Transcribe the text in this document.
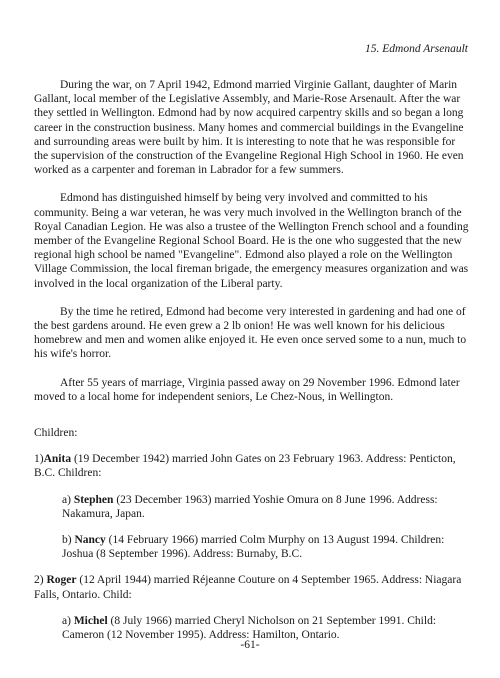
15. Edmond Arsenault

During the war, on 7 April 1942, Edmond married Virginie Gallant, daughter of Marin Gallant, local member of the Legislative Assembly, and Marie-Rose Arsenault. After the war they settled in Wellington. Edmond had by now acquired carpentry skills and so began a long career in the construction business. Many homes and commercial buildings in the Evangeline and surrounding areas were built by him. It is interesting to note that he was responsible for the supervision of the construction of the Evangeline Regional High School in 1960. He even worked as a carpenter and foreman in Labrador for a few summers.

Edmond has distinguished himself by being very involved and committed to his community. Being a war veteran, he was very much involved in the Wellington branch of the Royal Canadian Legion. He was also a trustee of the Wellington French school and a founding member of the Evangeline Regional School Board. He is the one who suggested that the new regional high school be named "Evangeline". Edmond also played a role on the Wellington Village Commission, the local fireman brigade, the emergency measures organization and was involved in the local organization of the Liberal party.

By the time he retired, Edmond had become very interested in gardening and had one of the best gardens around. He even grew a 2 lb onion! He was well known for his delicious homebrew and men and women alike enjoyed it. He even once served some to a nun, much to his wife's horror.

After 55 years of marriage, Virginia passed away on 29 November 1996. Edmond later moved to a local home for independent seniors, Le Chez-Nous, in Wellington.

Children:

1)Anita (19 December 1942) married John Gates on 23 February 1963. Address: Penticton, B.C. Children:

a) Stephen (23 December 1963) married Yoshie Omura on 8 June 1996. Address: Nakamura, Japan.

b) Nancy (14 February 1966) married Colm Murphy on 13 August 1994. Children: Joshua (8 September 1996). Address: Burnaby, B.C.

2) Roger (12 April 1944) married Réjeanne Couture on 4 September 1965. Address: Niagara Falls, Ontario. Child:

a) Michel (8 July 1966) married Cheryl Nicholson on 21 September 1991. Child: Cameron (12 November 1995). Address: Hamilton, Ontario.

-61-
